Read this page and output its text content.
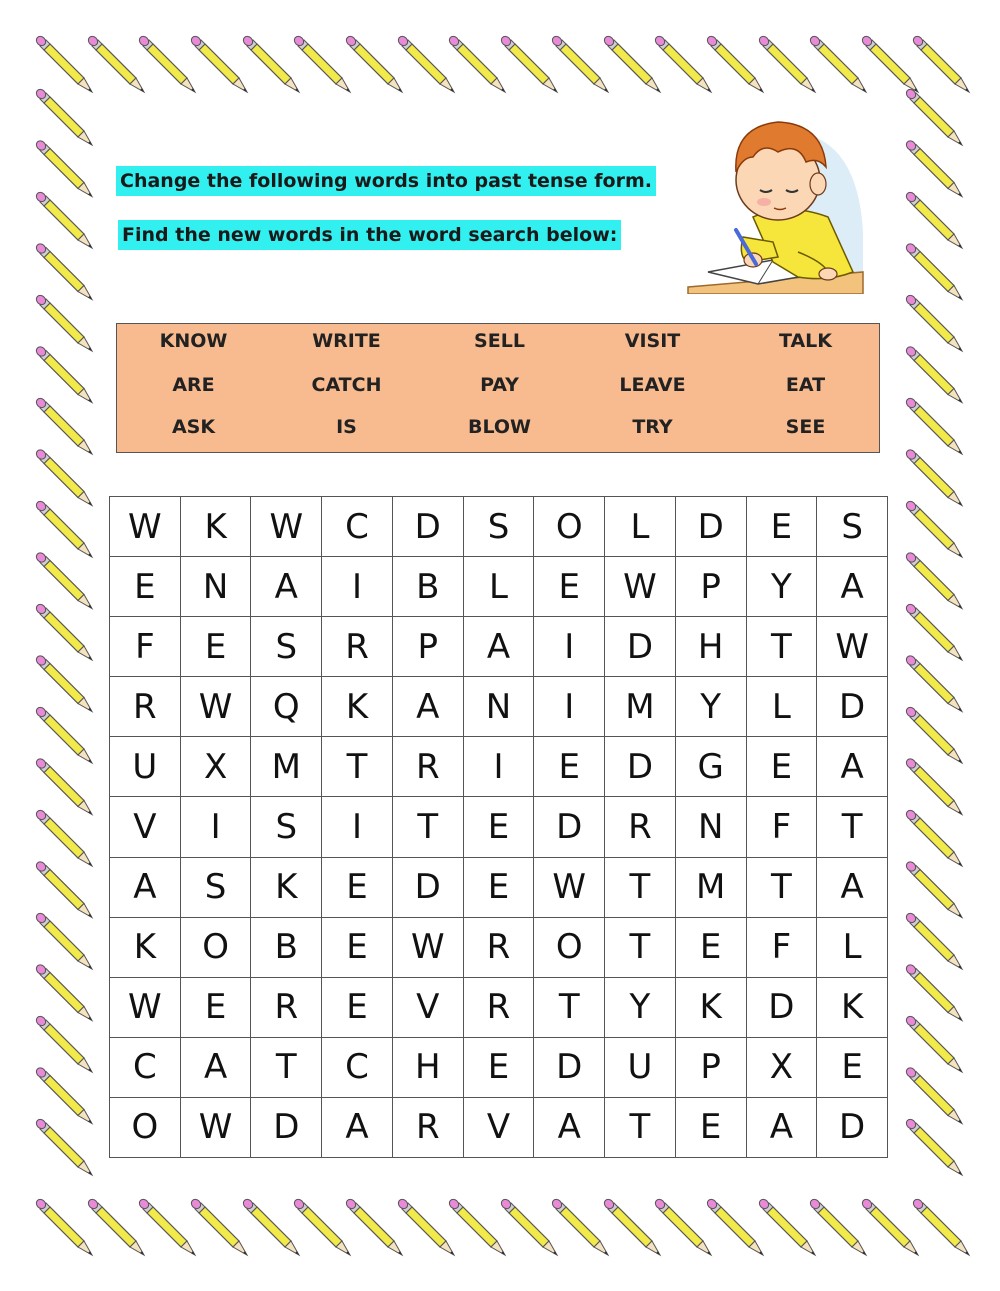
Change the following words into past tense form.
Find the new words in the word search below:
KNOW	WRITE	SELL	VISIT	TALK
ARE	CATCH	PAY	LEAVE	EAT
ASK	IS	BLOW	TRY	SEE
W	K	W	C	D	S	O	L	D	E	S
E	N	A	I	B	L	E	W	P	Y	A
F	E	S	R	P	A	I	D	H	T	W
R	W	Q	K	A	N	I	M	Y	L	D
U	X	M	T	R	I	E	D	G	E	A
V	I	S	I	T	E	D	R	N	F	T
A	S	K	E	D	E	W	T	M	T	A
K	O	B	E	W	R	O	T	E	F	L
W	E	R	E	V	R	T	Y	K	D	K
C	A	T	C	H	E	D	U	P	X	E
O	W	D	A	R	V	A	T	E	A	D
